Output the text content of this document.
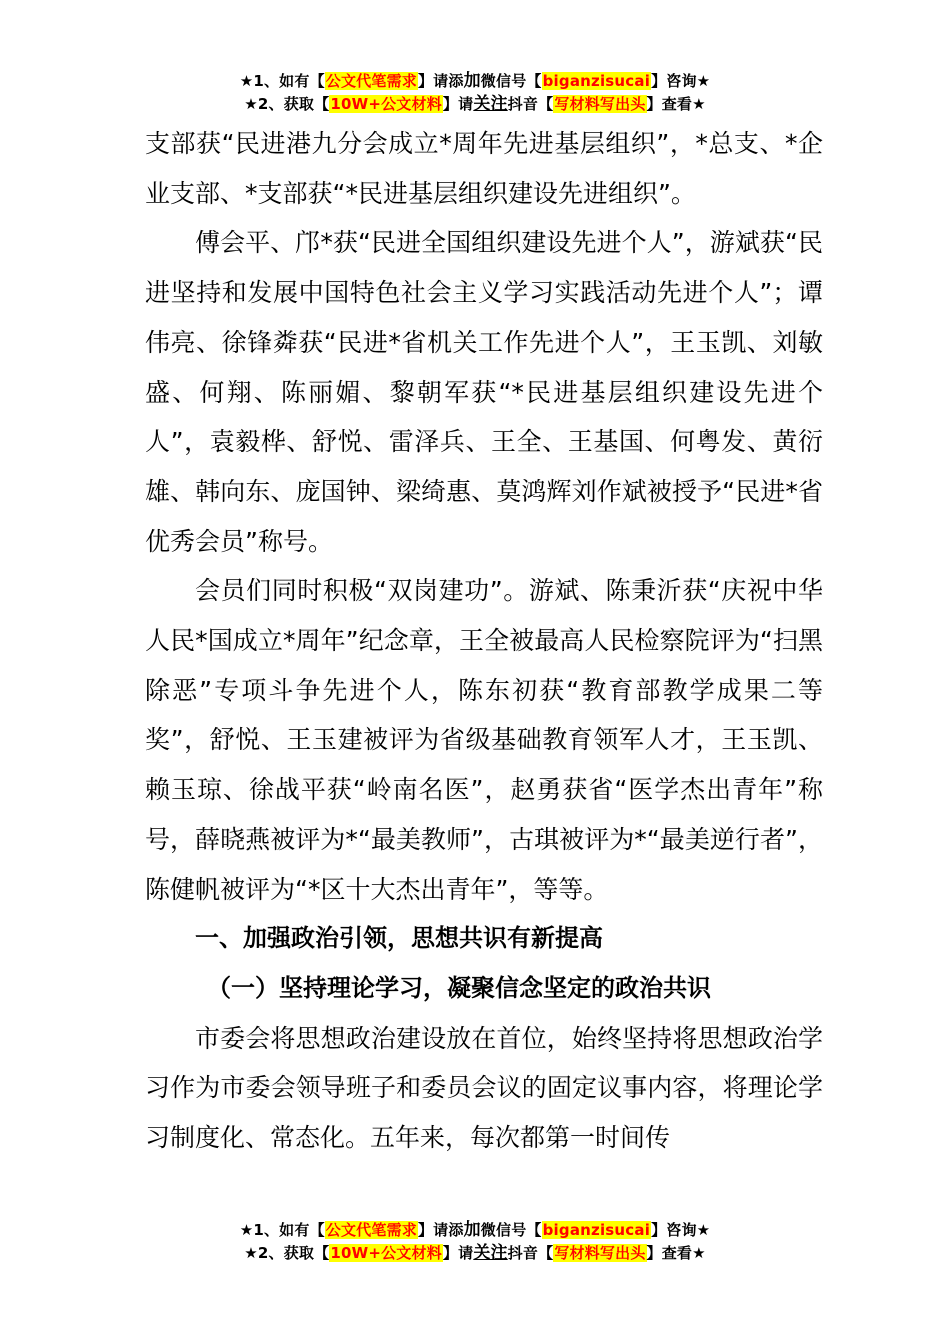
★1、如有【公文代笔需求】请添加微信号【biganzisucai】咨询★
★2、获取【10W+公文材料】请关注抖音【写材料写出头】查看★

支部获“民进港九分会成立*周年先进基层组织”，*总支、*企业支部、*支部获“*民进基层组织建设先进组织”。

傅会平、邝*获“民进全国组织建设先进个人”，游斌获“民进坚持和发展中国特色社会主义学习实践活动先进个人”；谭伟亮、徐锋粦获“民进*省机关工作先进个人”，王玉凯、刘敏盛、何翔、陈丽媚、黎朝军获“*民进基层组织建设先进个人”，袁毅桦、舒悦、雷泽兵、王全、王基国、何粤发、黄衍雄、韩向东、庞国钟、梁绮惠、莫鸿辉刘作斌被授予“民进*省优秀会员”称号。

会员们同时积极“双岗建功”。游斌、陈秉沂获“庆祝中华人民*国成立*周年”纪念章，王全被最高人民检察院评为“扫黑除恶”专项斗争先进个人，陈东初获“教育部教学成果二等奖”，舒悦、王玉建被评为省级基础教育领军人才，王玉凯、赖玉琼、徐战平获“岭南名医”，赵勇获省“医学杰出青年”称号，薛晓燕被评为*“最美教师”，古琪被评为*“最美逆行者”，陈健帆被评为“*区十大杰出青年”，等等。

一、加强政治引领，思想共识有新提高

（一）坚持理论学习，凝聚信念坚定的政治共识

市委会将思想政治建设放在首位，始终坚持将思想政治学习作为市委会领导班子和委员会议的固定议事内容，将理论学习制度化、常态化。五年来，每次都第一时间传

★1、如有【公文代笔需求】请添加微信号【biganzisucai】咨询★
★2、获取【10W+公文材料】请关注抖音【写材料写出头】查看★
